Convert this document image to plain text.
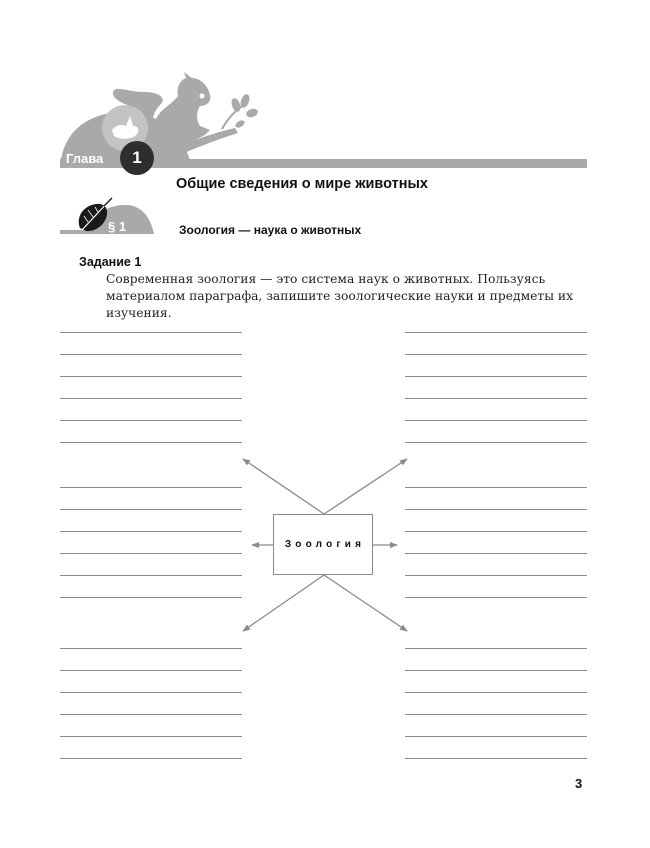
Глава	1
Общие сведения о мире животных
§ 1	Зоология — наука о животных
Задание 1
Современная зоология — это система наук о животных. Пользуясь материалом параграфа, запишите зоологические науки и предметы их изучения.
Зоология
3
